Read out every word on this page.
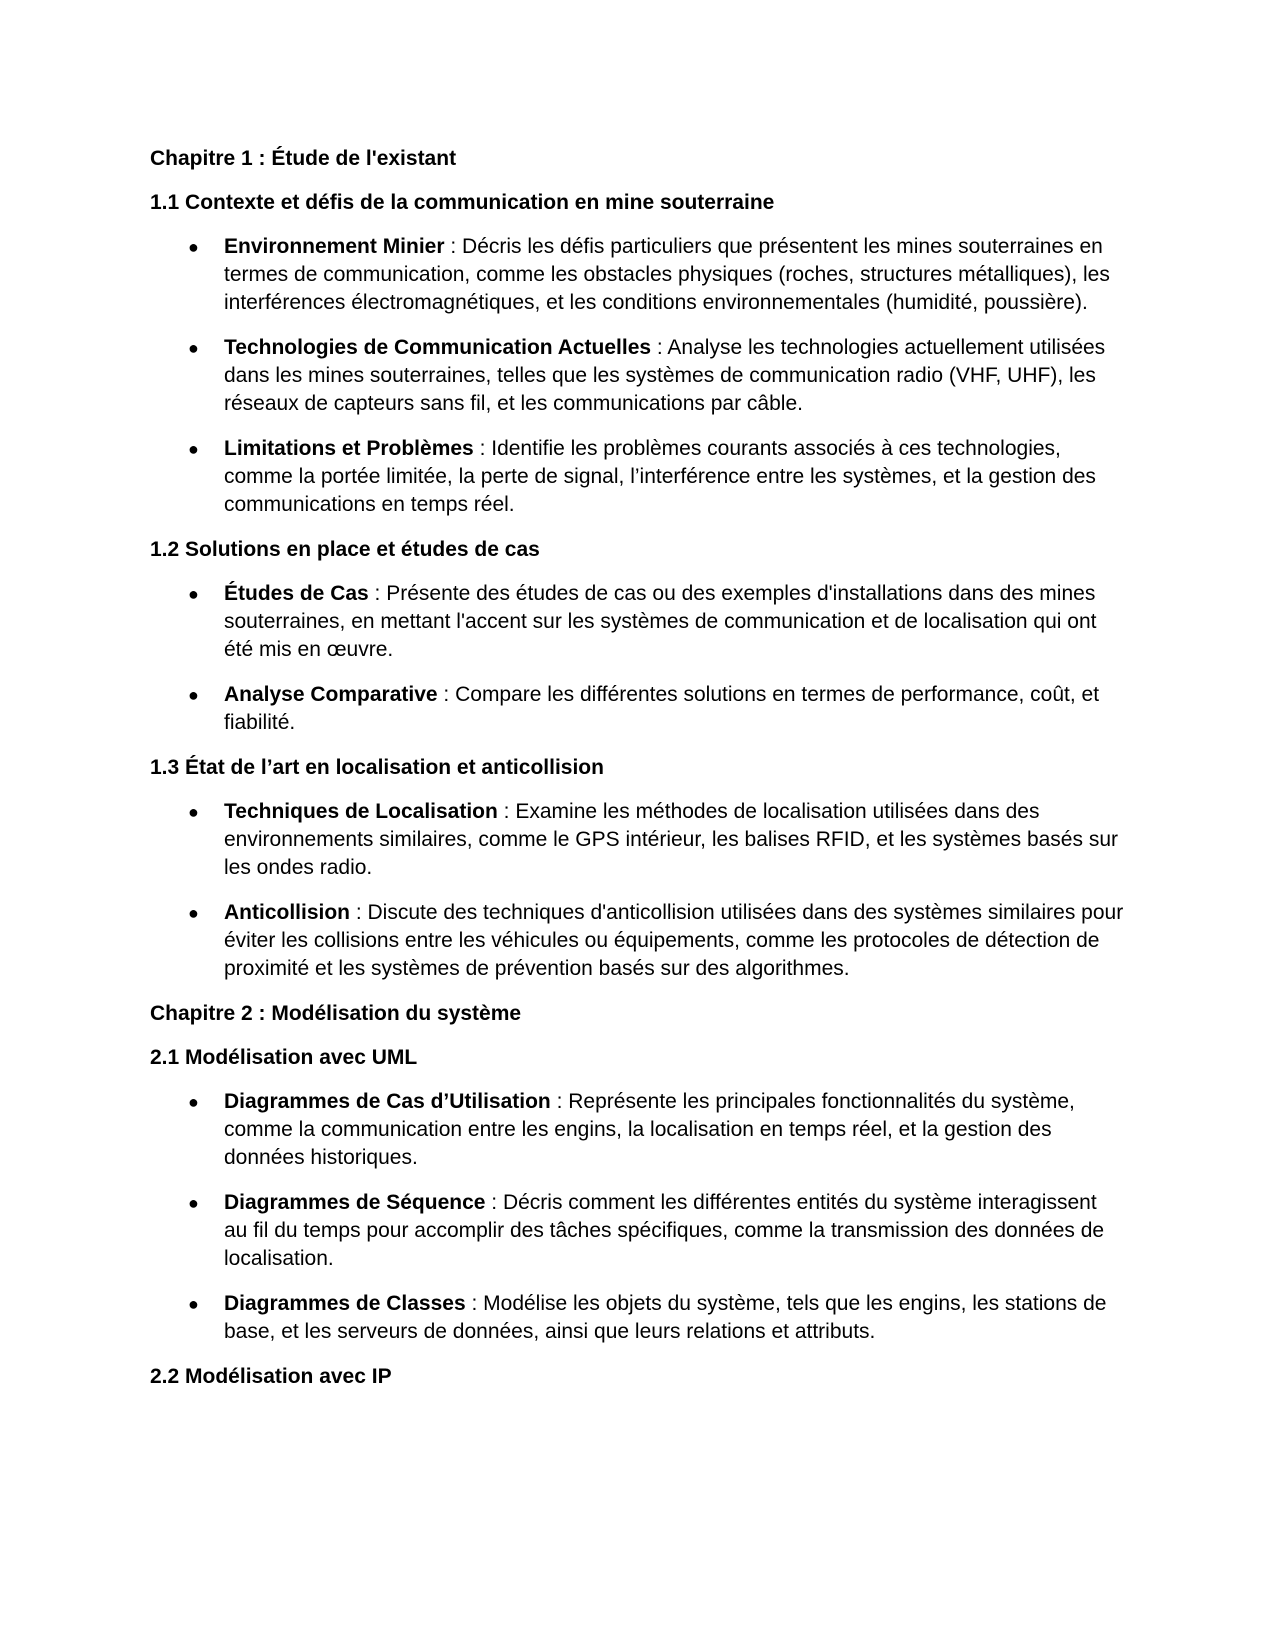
Chapitre 1 : Étude de l'existant
1.1 Contexte et défis de la communication en mine souterraine
● Environnement Minier : Décris les défis particuliers que présentent les mines souterraines en termes de communication, comme les obstacles physiques (roches, structures métalliques), les interférences électromagnétiques, et les conditions environnementales (humidité, poussière).
● Technologies de Communication Actuelles : Analyse les technologies actuellement utilisées dans les mines souterraines, telles que les systèmes de communication radio (VHF, UHF), les réseaux de capteurs sans fil, et les communications par câble.
● Limitations et Problèmes : Identifie les problèmes courants associés à ces technologies, comme la portée limitée, la perte de signal, l’interférence entre les systèmes, et la gestion des communications en temps réel.
1.2 Solutions en place et études de cas
● Études de Cas : Présente des études de cas ou des exemples d'installations dans des mines souterraines, en mettant l'accent sur les systèmes de communication et de localisation qui ont été mis en œuvre.
● Analyse Comparative : Compare les différentes solutions en termes de performance, coût, et fiabilité.
1.3 État de l’art en localisation et anticollision
● Techniques de Localisation : Examine les méthodes de localisation utilisées dans des environnements similaires, comme le GPS intérieur, les balises RFID, et les systèmes basés sur les ondes radio.
● Anticollision : Discute des techniques d'anticollision utilisées dans des systèmes similaires pour éviter les collisions entre les véhicules ou équipements, comme les protocoles de détection de proximité et les systèmes de prévention basés sur des algorithmes.
Chapitre 2 : Modélisation du système
2.1 Modélisation avec UML
● Diagrammes de Cas d’Utilisation : Représente les principales fonctionnalités du système, comme la communication entre les engins, la localisation en temps réel, et la gestion des données historiques.
● Diagrammes de Séquence : Décris comment les différentes entités du système interagissent au fil du temps pour accomplir des tâches spécifiques, comme la transmission des données de localisation.
● Diagrammes de Classes : Modélise les objets du système, tels que les engins, les stations de base, et les serveurs de données, ainsi que leurs relations et attributs.
2.2 Modélisation avec IP
